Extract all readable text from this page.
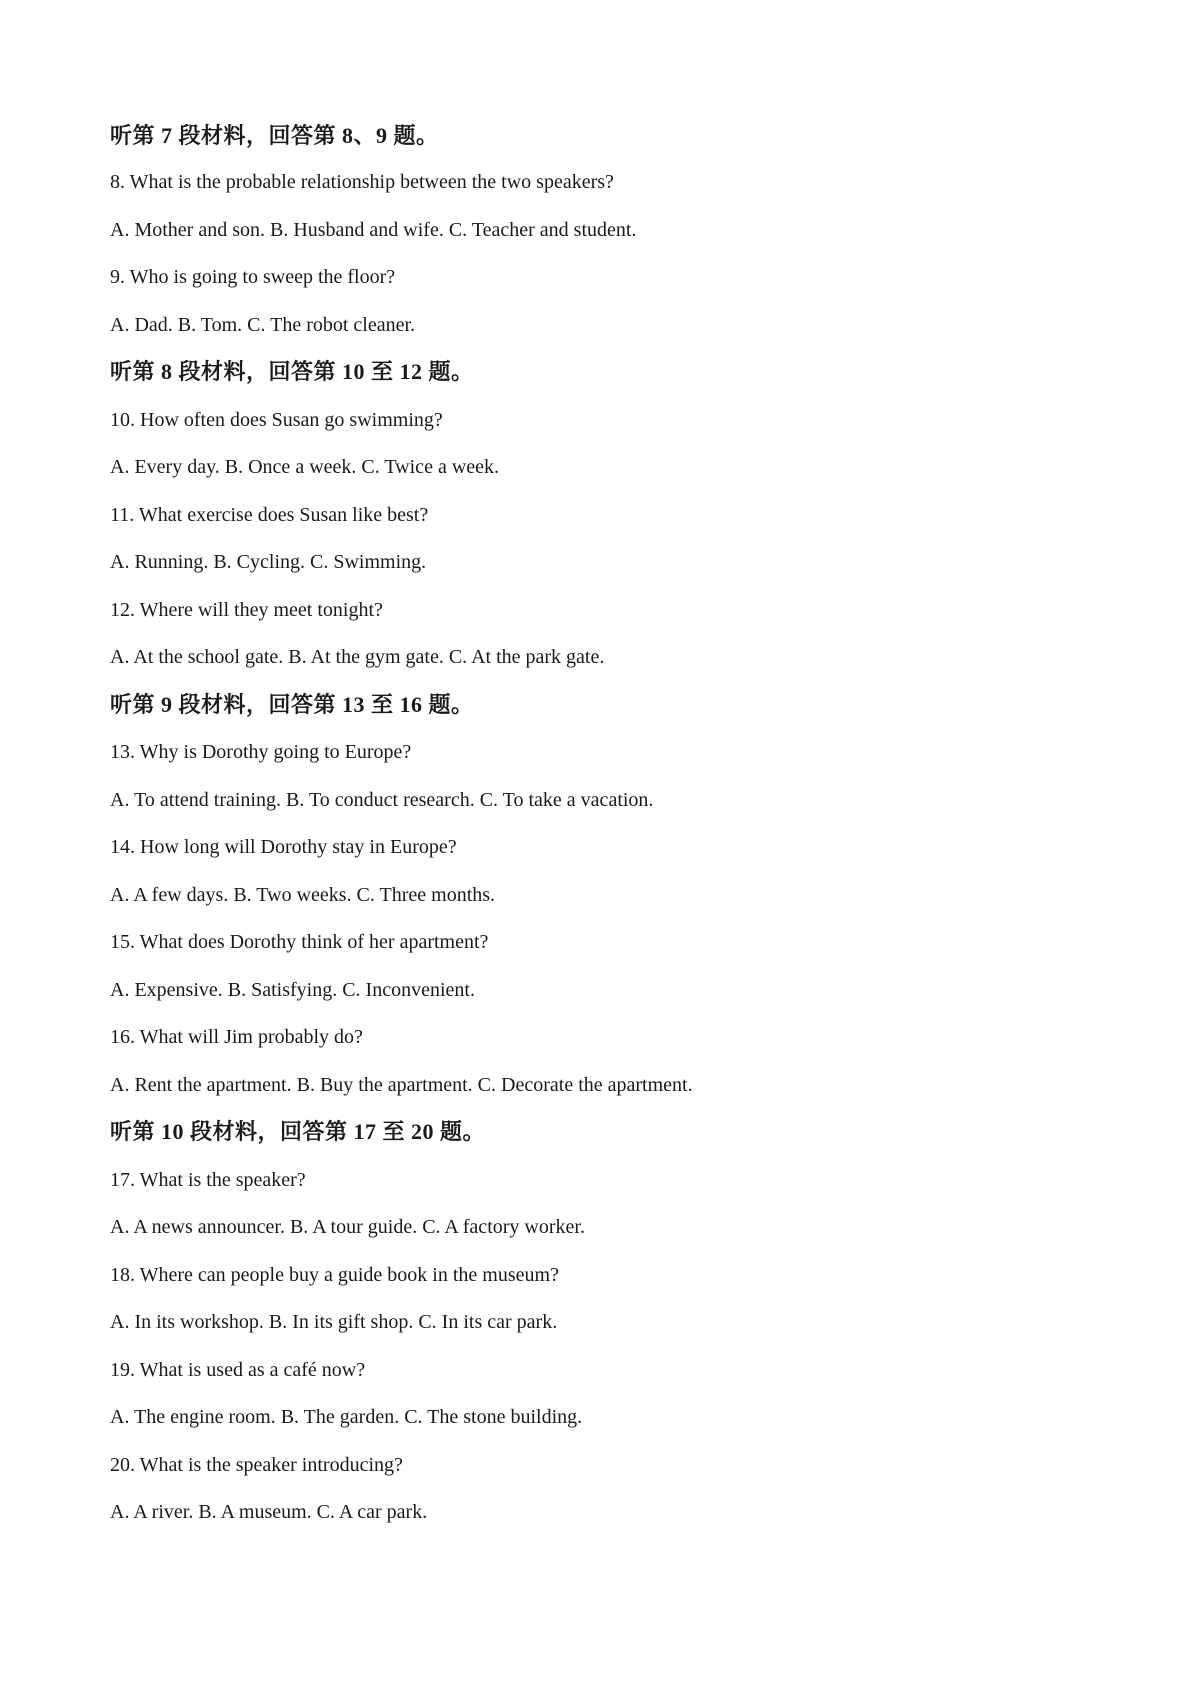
听第 7 段材料，回答第 8、9 题。
8. What is the probable relationship between the two speakers?
A. Mother and son. B. Husband and wife. C. Teacher and student.
9. Who is going to sweep the floor?
A. Dad. B. Tom. C. The robot cleaner.
听第 8 段材料，回答第 10 至 12 题。
10. How often does Susan go swimming?
A. Every day. B. Once a week. C. Twice a week.
11. What exercise does Susan like best?
A. Running. B. Cycling. C. Swimming.
12. Where will they meet tonight?
A. At the school gate. B. At the gym gate. C. At the park gate.
听第 9 段材料，回答第 13 至 16 题。
13. Why is Dorothy going to Europe?
A. To attend training. B. To conduct research. C. To take a vacation.
14. How long will Dorothy stay in Europe?
A. A few days. B. Two weeks. C. Three months.
15. What does Dorothy think of her apartment?
A. Expensive. B. Satisfying. C. Inconvenient.
16. What will Jim probably do?
A. Rent the apartment. B. Buy the apartment. C. Decorate the apartment.
听第 10 段材料，回答第 17 至 20 题。
17. What is the speaker?
A. A news announcer. B. A tour guide. C. A factory worker.
18. Where can people buy a guide book in the museum?
A. In its workshop. B. In its gift shop. C. In its car park.
19. What is used as a café now?
A. The engine room. B. The garden. C. The stone building.
20. What is the speaker introducing?
A. A river. B. A museum. C. A car park.
